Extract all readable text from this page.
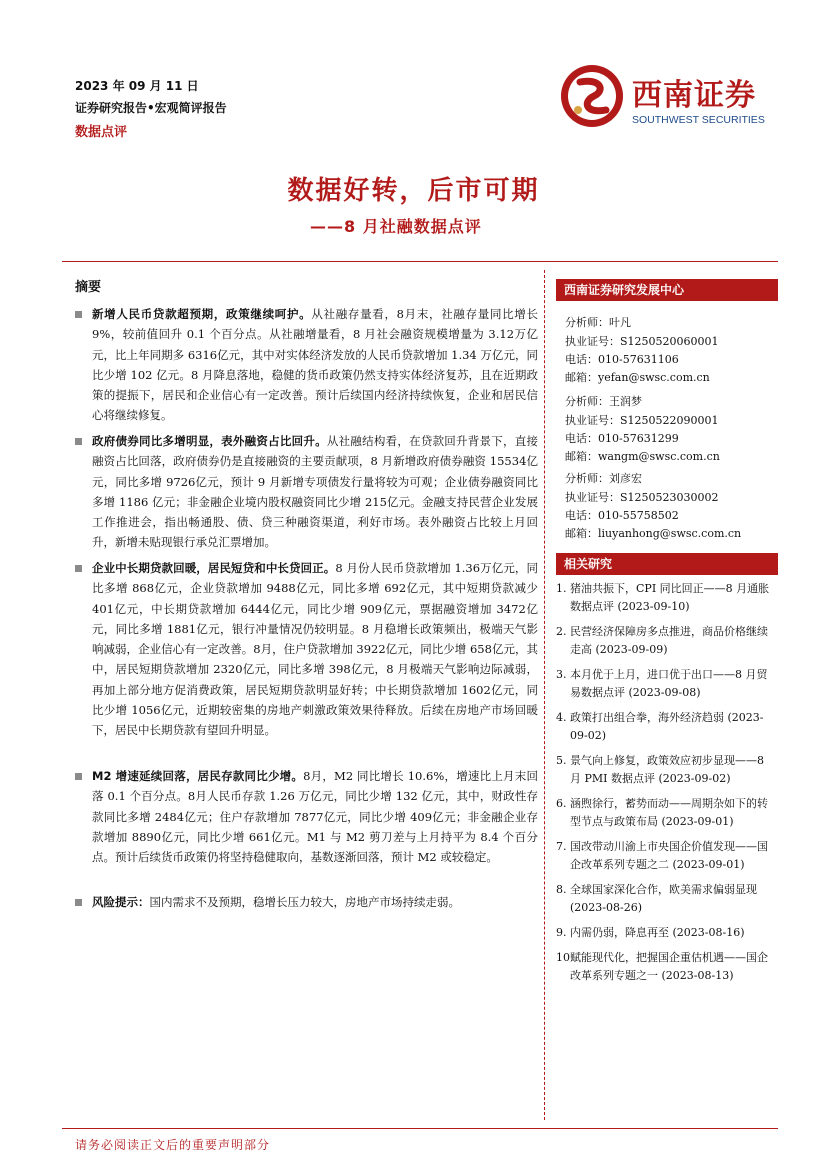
2023 年 09 月 11 日
证券研究报告•宏观简评报告
数据点评
西南证券
SOUTHWEST SECURITIES
数据好转，后市可期
——8 月社融数据点评
摘要
新增人民币贷款超预期，政策继续呵护。从社融存量看，8月末，社融存量同比增长 9%，较前值回升 0.1 个百分点。从社融增量看，8 月社会融资规模增量为 3.12万亿元，比上年同期多 6316亿元，其中对实体经济发放的人民币贷款增加 1.34 万亿元，同比少增 102 亿元。8 月降息落地，稳健的货币政策仍然支持实体经济复苏，且在近期政策的提振下，居民和企业信心有一定改善。预计后续国内经济持续恢复，企业和居民信心将继续修复。
政府债券同比多增明显，表外融资占比回升。从社融结构看，在贷款回升背景下，直接融资占比回落，政府债券仍是直接融资的主要贡献项，8 月新增政府债券融资 15534亿元，同比多增 9726亿元，预计 9 月新增专项债发行量将较为可观；企业债券融资同比多增 1186 亿元；非金融企业境内股权融资同比少增 215亿元。金融支持民营企业发展工作推进会，指出畅通股、债、贷三种融资渠道，利好市场。表外融资占比较上月回升，新增未贴现银行承兑汇票增加。
企业中长期贷款回暖，居民短贷和中长贷回正。8 月份人民币贷款增加 1.36万亿元，同比多增 868亿元，企业贷款增加 9488亿元，同比多增 692亿元，其中短期贷款减少 401亿元，中长期贷款增加 6444亿元，同比少增 909亿元，票据融资增加 3472亿元，同比多增 1881亿元，银行冲量情况仍较明显。8 月稳增长政策频出，极端天气影响减弱，企业信心有一定改善。8月，住户贷款增加 3922亿元，同比少增 658亿元，其中，居民短期贷款增加 2320亿元，同比多增 398亿元，8 月极端天气影响边际减弱，再加上部分地方促消费政策，居民短期贷款明显好转；中长期贷款增加 1602亿元，同比少增 1056亿元，近期较密集的房地产刺激政策效果待释放。后续在房地产市场回暖下，居民中长期贷款有望回升明显。
M2 增速延续回落，居民存款同比少增。8月，M2 同比增长 10.6%，增速比上月末回落 0.1 个百分点。8月人民币存款 1.26 万亿元，同比少增 132 亿元，其中，财政性存款同比多增 2484亿元；住户存款增加 7877亿元，同比少增 409亿元；非金融企业存款增加 8890亿元，同比少增 661亿元。M1 与 M2 剪刀差与上月持平为 8.4 个百分点。预计后续货币政策仍将坚持稳健取向，基数逐渐回落，预计 M2 或较稳定。
风险提示：国内需求不及预期，稳增长压力较大，房地产市场持续走弱。
西南证券研究发展中心
分析师：叶凡
执业证号：S1250520060001
电话：010-57631106
邮箱：yefan@swsc.com.cn
分析师：王润梦
执业证号：S1250522090001
电话：010-57631299
邮箱：wangm@swsc.com.cn
分析师：刘彦宏
执业证号：S1250523030002
电话：010-55758502
邮箱：liuyanhong@swsc.com.cn
相关研究
1. 猪油共振下，CPI 同比回正——8 月通胀数据点评 (2023-09-10)
2. 民营经济保障房多点推进，商品价格继续走高 (2023-09-09)
3. 本月优于上月，进口优于出口——8 月贸易数据点评 (2023-09-08)
4. 政策打出组合拳，海外经济趋弱 (2023-09-02)
5. 景气向上修复，政策效应初步显现——8 月 PMI 数据点评 (2023-09-02)
6. 涵煦徐行，蓄势而动——周期杂如下的转型节点与政策布局 (2023-09-01)
7. 国改带动川渝上市央国企价值发现——国企改革系列专题之二 (2023-09-01)
8. 全球国家深化合作，欧美需求偏弱显现 (2023-08-26)
9. 内需仍弱，降息再至 (2023-08-16)
10.
赋能现代化，把握国企重估机遇——国企改革系列专题之一 (2023-08-13)
请务必阅读正文后的重要声明部分
